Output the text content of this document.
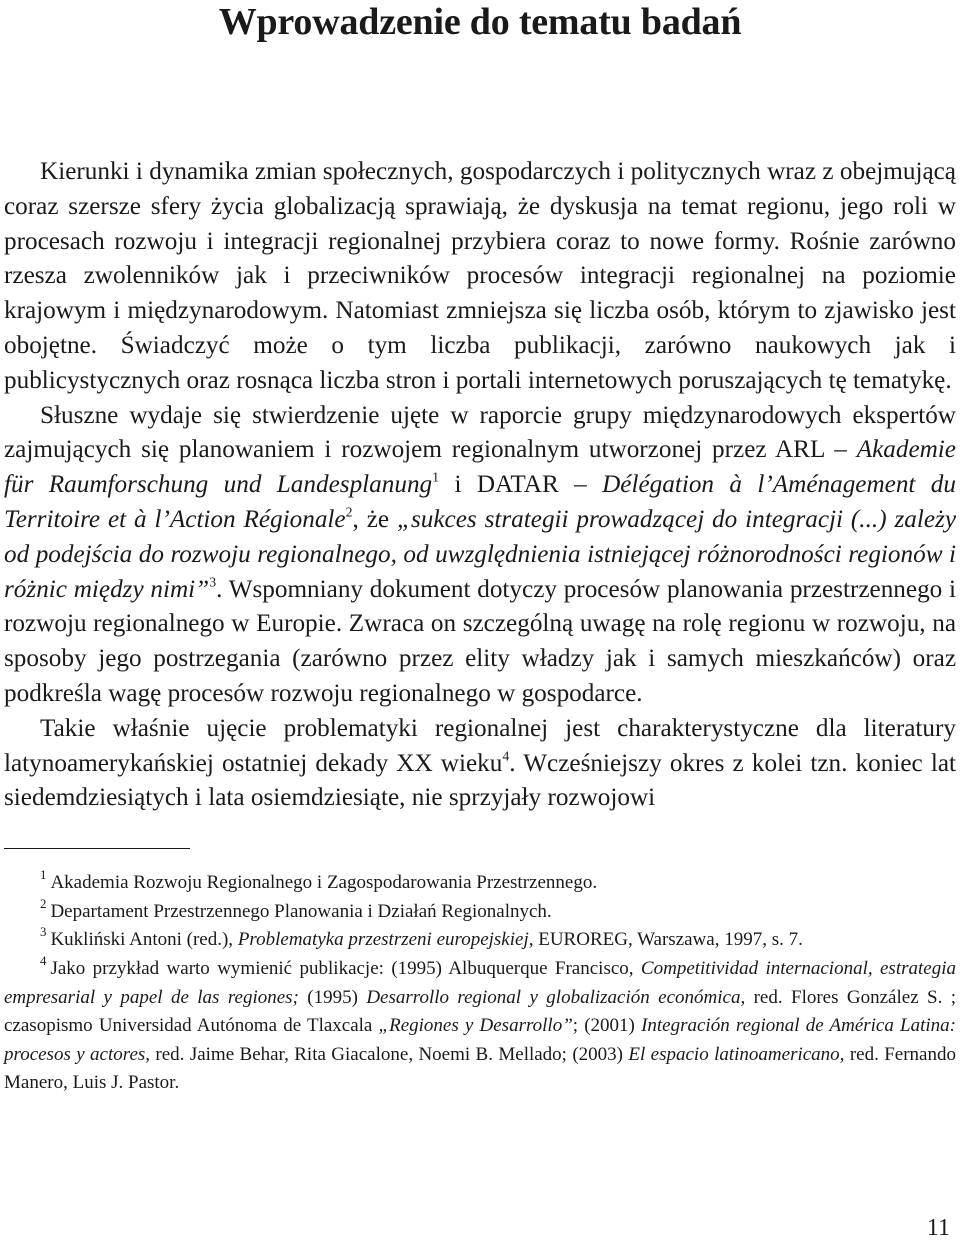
Wprowadzenie do tematu badań

Kierunki i dynamika zmian społecznych, gospodarczych i politycznych wraz z obejmującą coraz szersze sfery życia globalizacją sprawiają, że dyskusja na temat regionu, jego roli w procesach rozwoju i integracji regionalnej przybiera coraz to nowe formy. Rośnie zarówno rzesza zwolenników jak i przeciwników procesów integracji regionalnej na poziomie krajowym i międzynarodowym. Natomiast zmniejsza się liczba osób, którym to zjawisko jest obojętne. Świadczyć może o tym liczba publikacji, zarówno naukowych jak i publicystycznych oraz rosnąca liczba stron i portali internetowych poruszających tę tematykę.

Słuszne wydaje się stwierdzenie ujęte w raporcie grupy międzynarodowych ekspertów zajmujących się planowaniem i rozwojem regionalnym utworzonej przez ARL – Akademie für Raumforschung und Landesplanung$^1$ i DATAR – Délégation à l’Aménagement du Territoire et à l’Action Régionale$^2$, że „sukces strategii prowadzącej do integracji (...) zależy od podejścia do rozwoju regionalnego, od uwzględnienia istniejącej różnorodności regionów i różnic między nimi”$^3$. Wspomniany dokument dotyczy procesów planowania przestrzennego i rozwoju regionalnego w Europie. Zwraca on szczególną uwagę na rolę regionu w rozwoju, na sposoby jego postrzegania (zarówno przez elity władzy jak i samych mieszkańców) oraz podkreśla wagę procesów rozwoju regionalnego w gospodarce.

Takie właśnie ujęcie problematyki regionalnej jest charakterystyczne dla literatury latynoamerykańskiej ostatniej dekady XX wieku$^4$. Wcześniejszy okres z kolei tzn. koniec lat siedemdziesiątych i lata osiemdziesiąte, nie sprzyjały rozwojowi

$^1$ Akademia Rozwoju Regionalnego i Zagospodarowania Przestrzennego.

$^2$ Departament Przestrzennego Planowania i Działań Regionalnych.

$^3$ Kukliński Antoni (red.), Problematyka przestrzeni europejskiej, EUROREG, Warszawa, 1997, s. 7.

$^4$ Jako przykład warto wymienić publikacje: (1995) Albuquerque Francisco, Competitividad internacional, estrategia empresarial y papel de las regiones; (1995) Desarrollo regional y globalización económica, red. Flores González S. ; czasopismo Universidad Autónoma de Tlaxcala „Regiones y Desarrollo”; (2001) Integración regional de América Latina: procesos y actores, red. Jaime Behar, Rita Giacalone, Noemi B. Mellado; (2003) El espacio latinoamericano, red. Fernando Manero, Luis J. Pastor.

11
